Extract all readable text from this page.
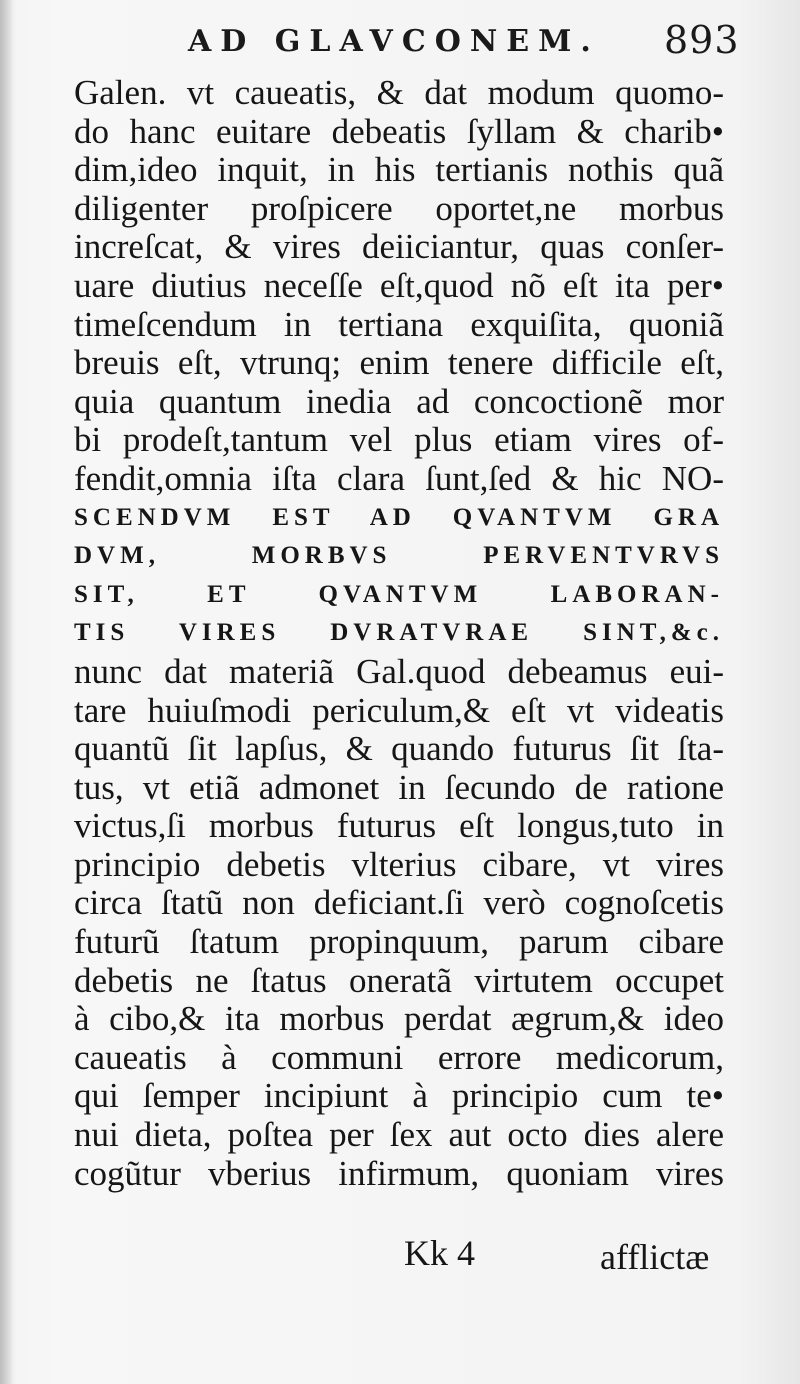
AD GLAVCONEM. 893
Galen. vt caueatis, & dat modum quomo-
do hanc euitare debeatis ſyllam & charib•
dim,ideo inquit, in his tertianis nothis quã
diligenter proſpicere oportet,ne morbus
increſcat, & vires deiiciantur, quas conſer-
uare diutius neceſſe eſt,quod nõ eſt ita per•
timeſcendum in tertiana exquiſita, quoniã
breuis eſt, vtrunq; enim tenere difficile eſt,
quia quantum inedia ad concoctionẽ mor
bi prodeſt,tantum vel plus etiam vires of-
fendit,omnia iſta clara ſunt,ſed & hic NO-
SCENDVM EST AD QVANTVM GRA
DVM, MORBVS PERVENTVRVS
SIT, ET QVANTVM LABORAN-
TIS VIRES DVRATVRAE SINT,&c.
nunc dat materiã Gal.quod debeamus eui-
tare huiuſmodi periculum,& eſt vt videatis
quantũ ſit lapſus, & quando futurus ſit ſta-
tus, vt etiã admonet in ſecundo de ratione
victus,ſi morbus futurus eſt longus,tuto in
principio debetis vlterius cibare, vt vires
circa ſtatũ non deficiant.ſi verò cognoſcetis
futurũ ſtatum propinquum, parum cibare
debetis ne ſtatus oneratã virtutem occupet
à cibo,& ita morbus perdat ægrum,& ideo
caueatis à communi errore medicorum,
qui ſemper incipiunt à principio cum te•
nui dieta, poſtea per ſex aut octo dies alere
cogũtur vberius infirmum, quoniam vires
Kk 4	afflictæ
